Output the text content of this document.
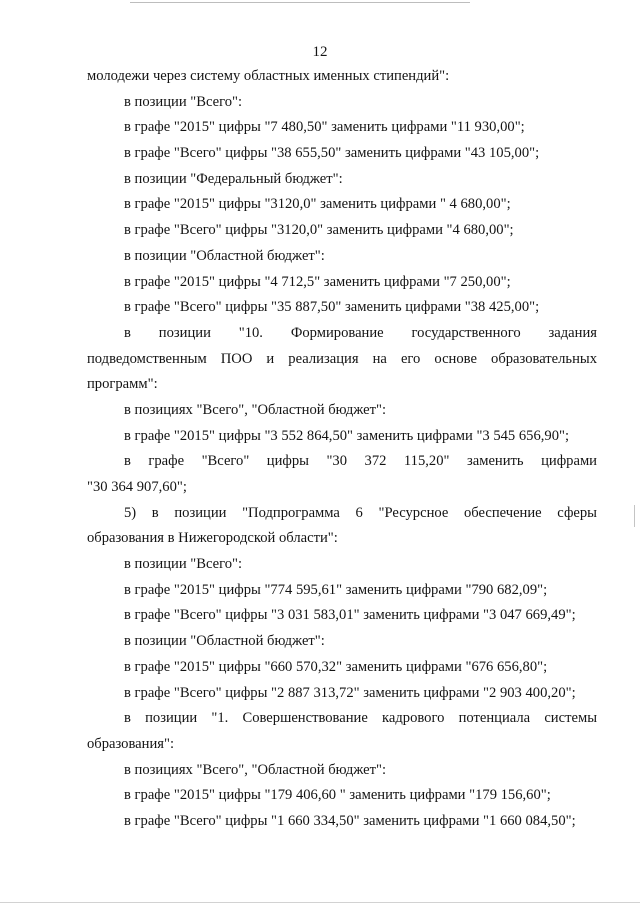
12
молодежи через систему областных именных стипендий":
в позиции "Всего":
в графе "2015" цифры "7 480,50" заменить цифрами "11 930,00";
в графе "Всего" цифры "38 655,50" заменить цифрами "43 105,00";
в позиции "Федеральный бюджет":
в графе "2015" цифры "3120,0" заменить цифрами " 4 680,00";
в графе "Всего" цифры "3120,0" заменить цифрами "4 680,00";
в позиции "Областной бюджет":
в графе "2015" цифры "4 712,5" заменить цифрами "7 250,00";
в графе "Всего" цифры "35 887,50" заменить цифрами "38 425,00";
в позиции "10. Формирование государственного задания
подведомственным ПОО и реализация на его основе образовательных
программ":
в позициях "Всего", "Областной бюджет":
в графе "2015" цифры "3 552 864,50" заменить цифрами "3 545 656,90";
в графе "Всего" цифры "30 372 115,20" заменить цифрами
"30 364 907,60";
5) в позиции "Подпрограмма 6 "Ресурсное обеспечение сферы
образования в Нижегородской области":
в позиции "Всего":
в графе "2015" цифры "774 595,61" заменить цифрами "790 682,09";
в графе "Всего" цифры "3 031 583,01" заменить цифрами "3 047 669,49";
в позиции "Областной бюджет":
в графе "2015" цифры "660 570,32" заменить цифрами "676 656,80";
в графе "Всего" цифры "2 887 313,72" заменить цифрами "2 903 400,20";
в позиции "1. Совершенствование кадрового потенциала системы
образования":
в позициях "Всего", "Областной бюджет":
в графе "2015" цифры "179 406,60 " заменить цифрами "179 156,60";
в графе "Всего" цифры "1 660 334,50" заменить цифрами "1 660 084,50";
